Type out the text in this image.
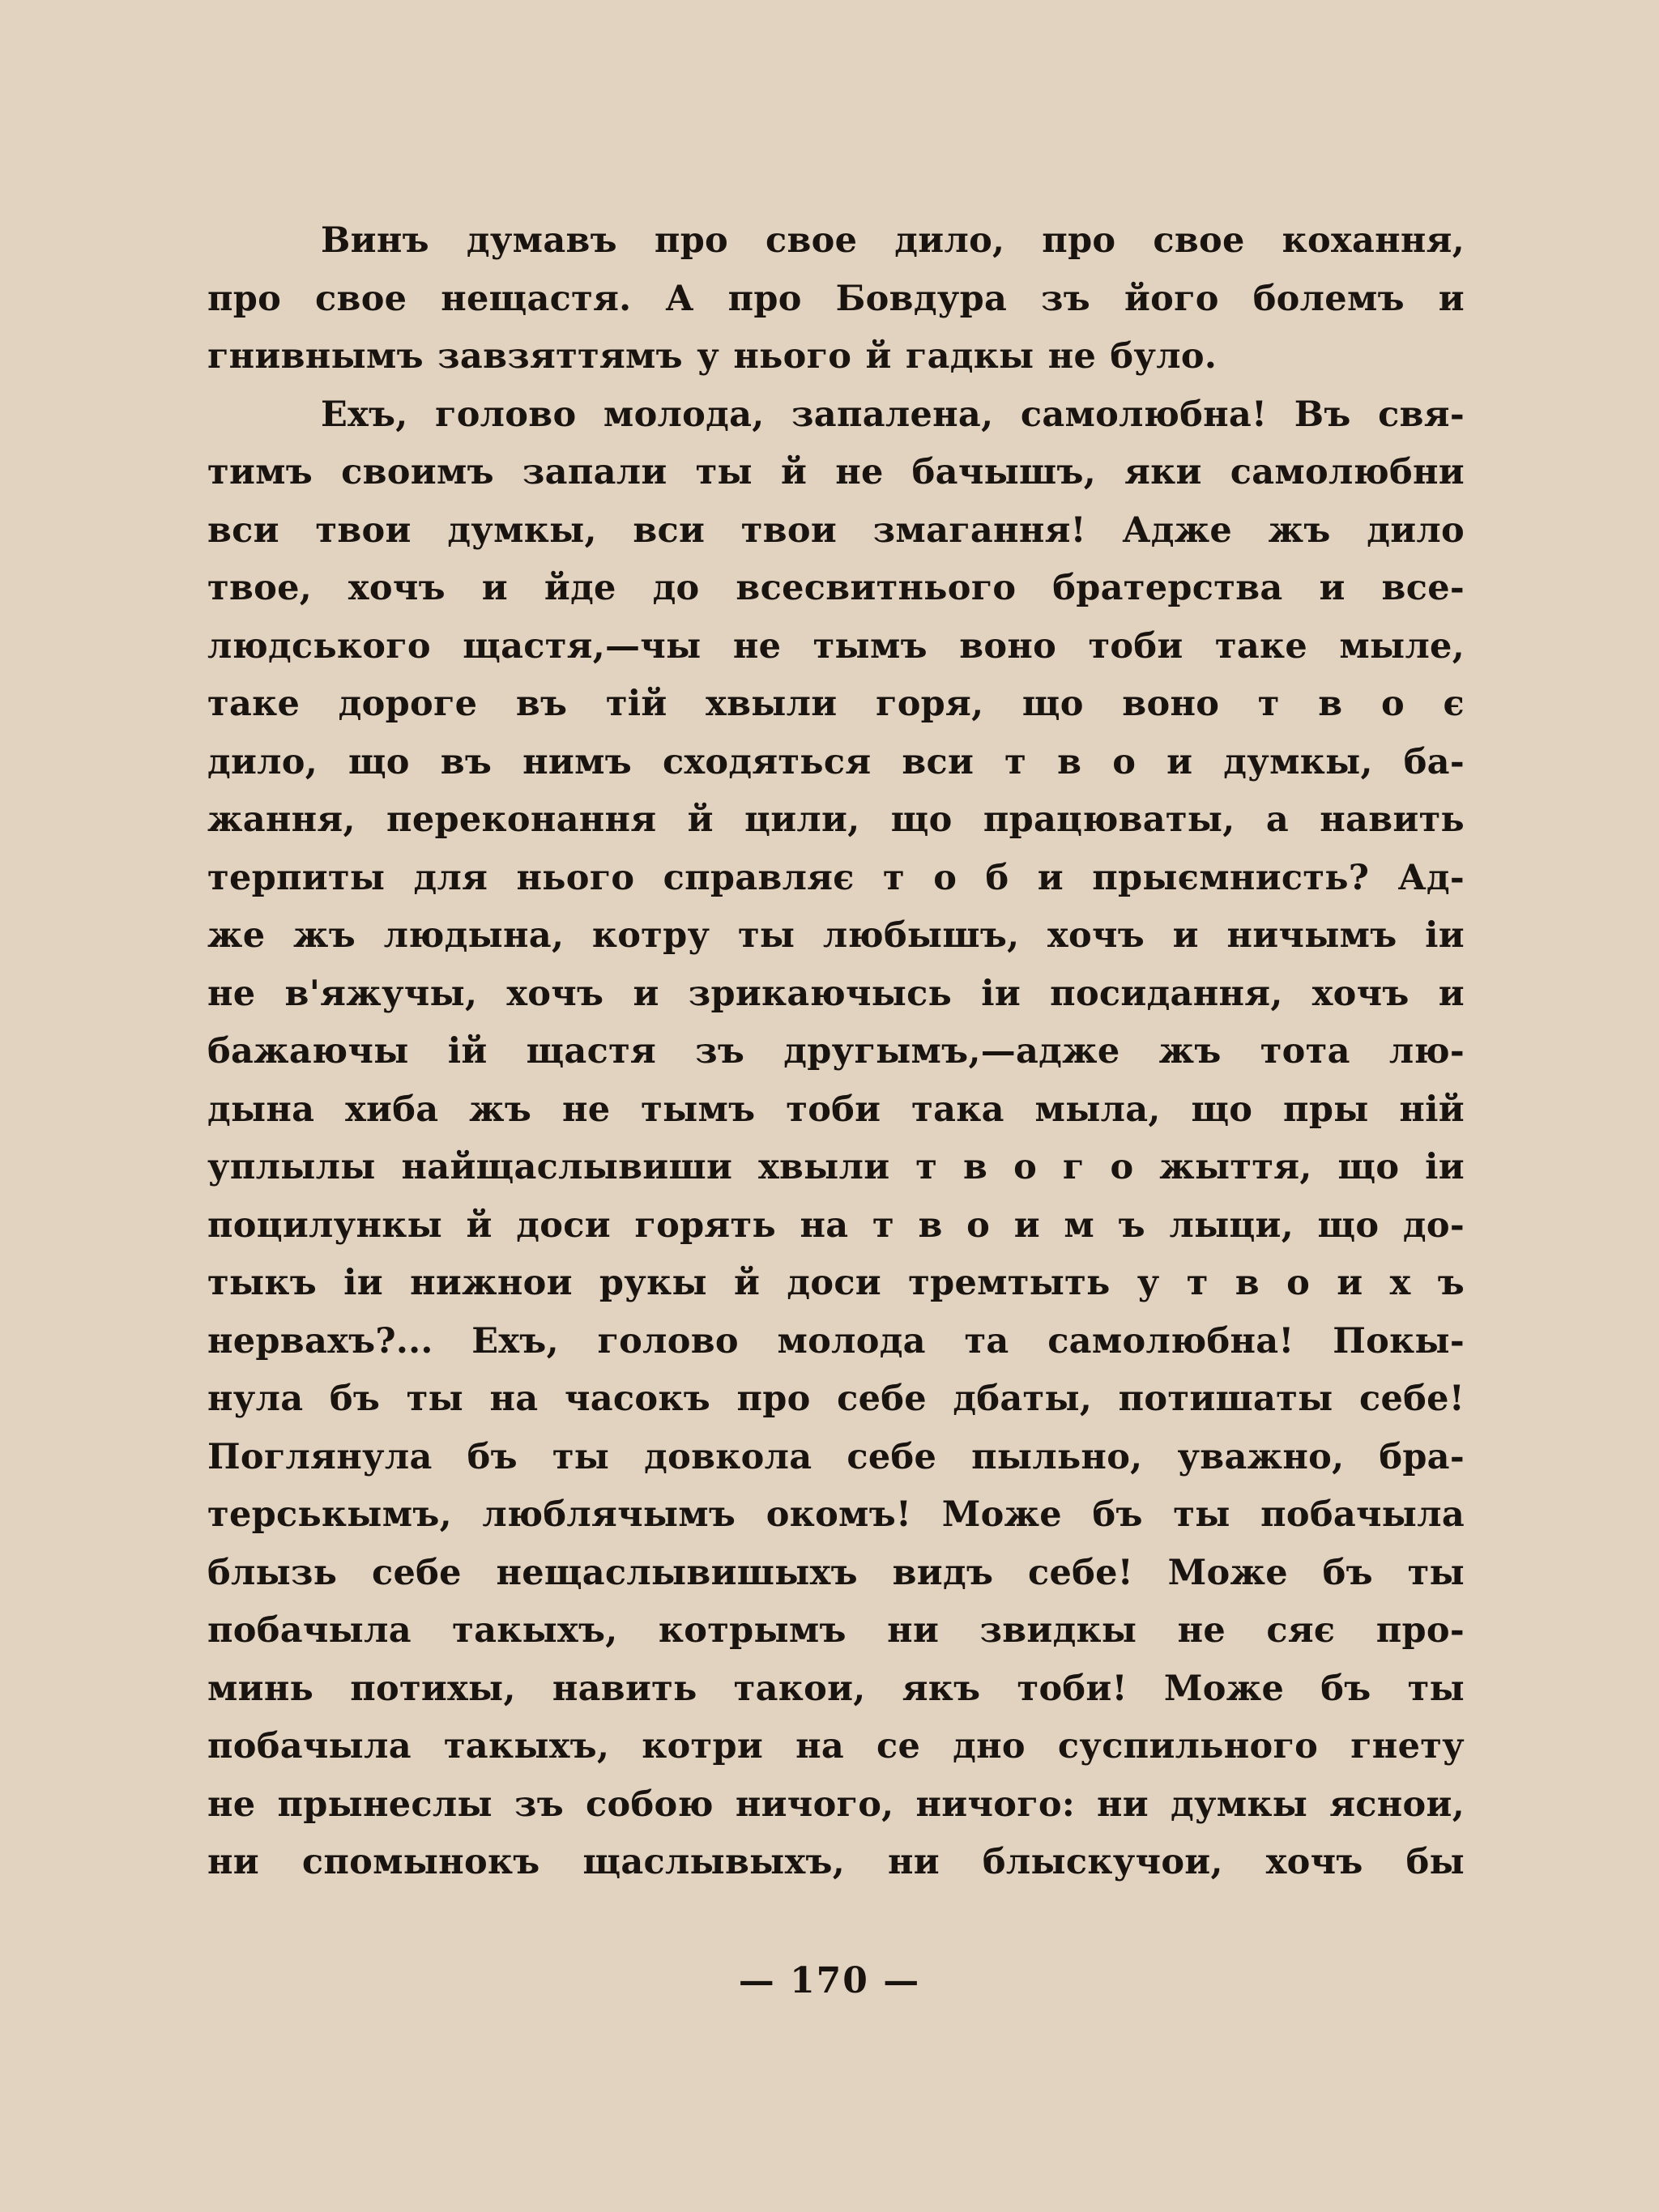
Винъ думавъ про свое дило, про свое кохання,
про свое нещастя. А про Бовдура зъ його болемъ и
гнивнымъ завзяттямъ у нього й гадкы не було.
Ехъ, голово молода, запалена, самолюбна! Въ свя-
тимъ своимъ запали ты й не бачышъ, яки самолюбни
вси твои думкы, вси твои змагання! Адже жъ дило
твое, хочъ и йде до всесвитнього братерства и все-
людського щастя,—чы не тымъ воно тоби таке мыле,
таке дороге въ тій хвыли горя, що воно т в о є
дило, що въ нимъ сходяться вси т в о и думкы, ба-
жання, переконання й цили, що працюваты, а навить
терпиты для нього справляє т о б и прыємнисть? Ад-
же жъ людына, котру ты любышъ, хочъ и ничымъ іи
не в'яжучы, хочъ и зрикаючысь іи посидання, хочъ и
бажаючы ій щастя зъ другымъ,—адже жъ тота лю-
дына хиба жъ не тымъ тоби така мыла, що пры ній
уплылы найщаслывиши хвыли т в о г о жыття, що іи
поцилункы й доси горять на т в о и м ъ лыци, що до-
тыкъ іи нижнои рукы й доси тремтыть у т в о и х ъ
нервахъ?... Ехъ, голово молода та самолюбна! Покы-
нула бъ ты на часокъ про себе дбаты, потишаты себе!
Поглянула бъ ты довкола себе пыльно, уважно, бра-
терськымъ, люблячымъ окомъ! Може бъ ты побачыла
блызь себе нещаслывишыхъ видъ себе! Може бъ ты
побачыла такыхъ, котрымъ ни звидкы не сяє про-
минь потихы, навить такои, якъ тоби! Може бъ ты
побачыла такыхъ, котри на се дно суспильного гнету
не прынеслы зъ собою ничого, ничого: ни думкы яснои,
ни спомынокъ щаслывыхъ, ни блыскучои, хочъ бы
— 170 —
